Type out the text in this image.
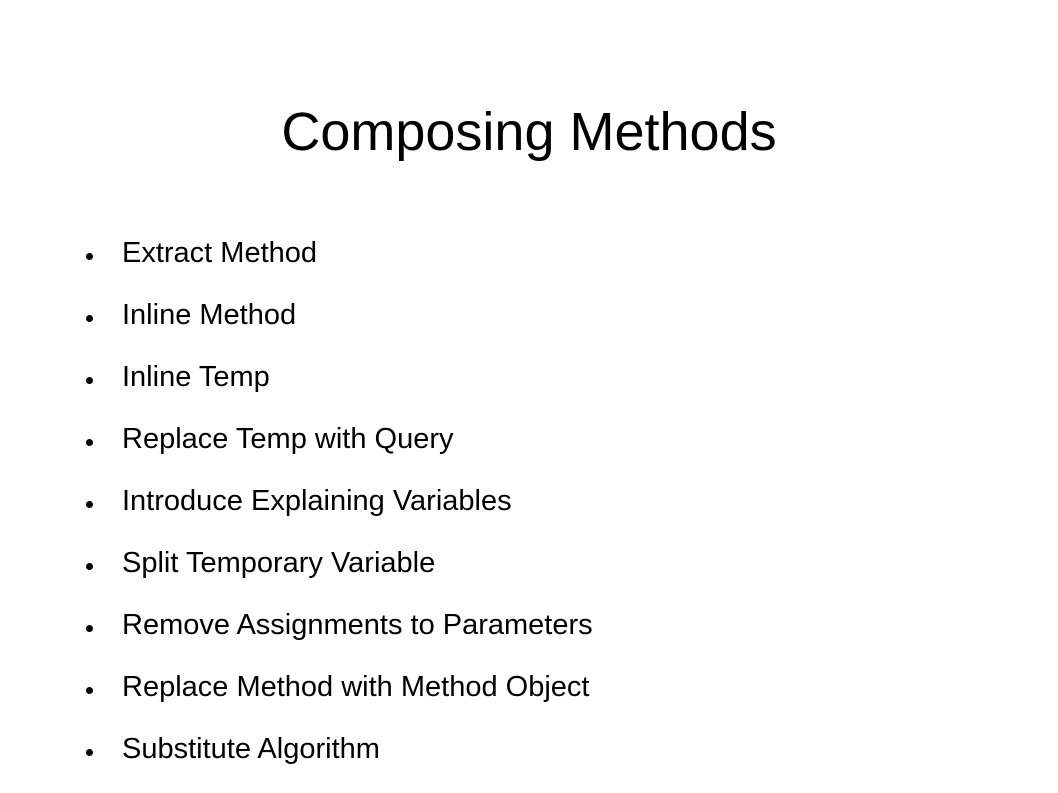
Composing Methods
Extract Method
Inline Method
Inline Temp
Replace Temp with Query
Introduce Explaining Variables
Split Temporary Variable
Remove Assignments to Parameters
Replace Method with Method Object
Substitute Algorithm
